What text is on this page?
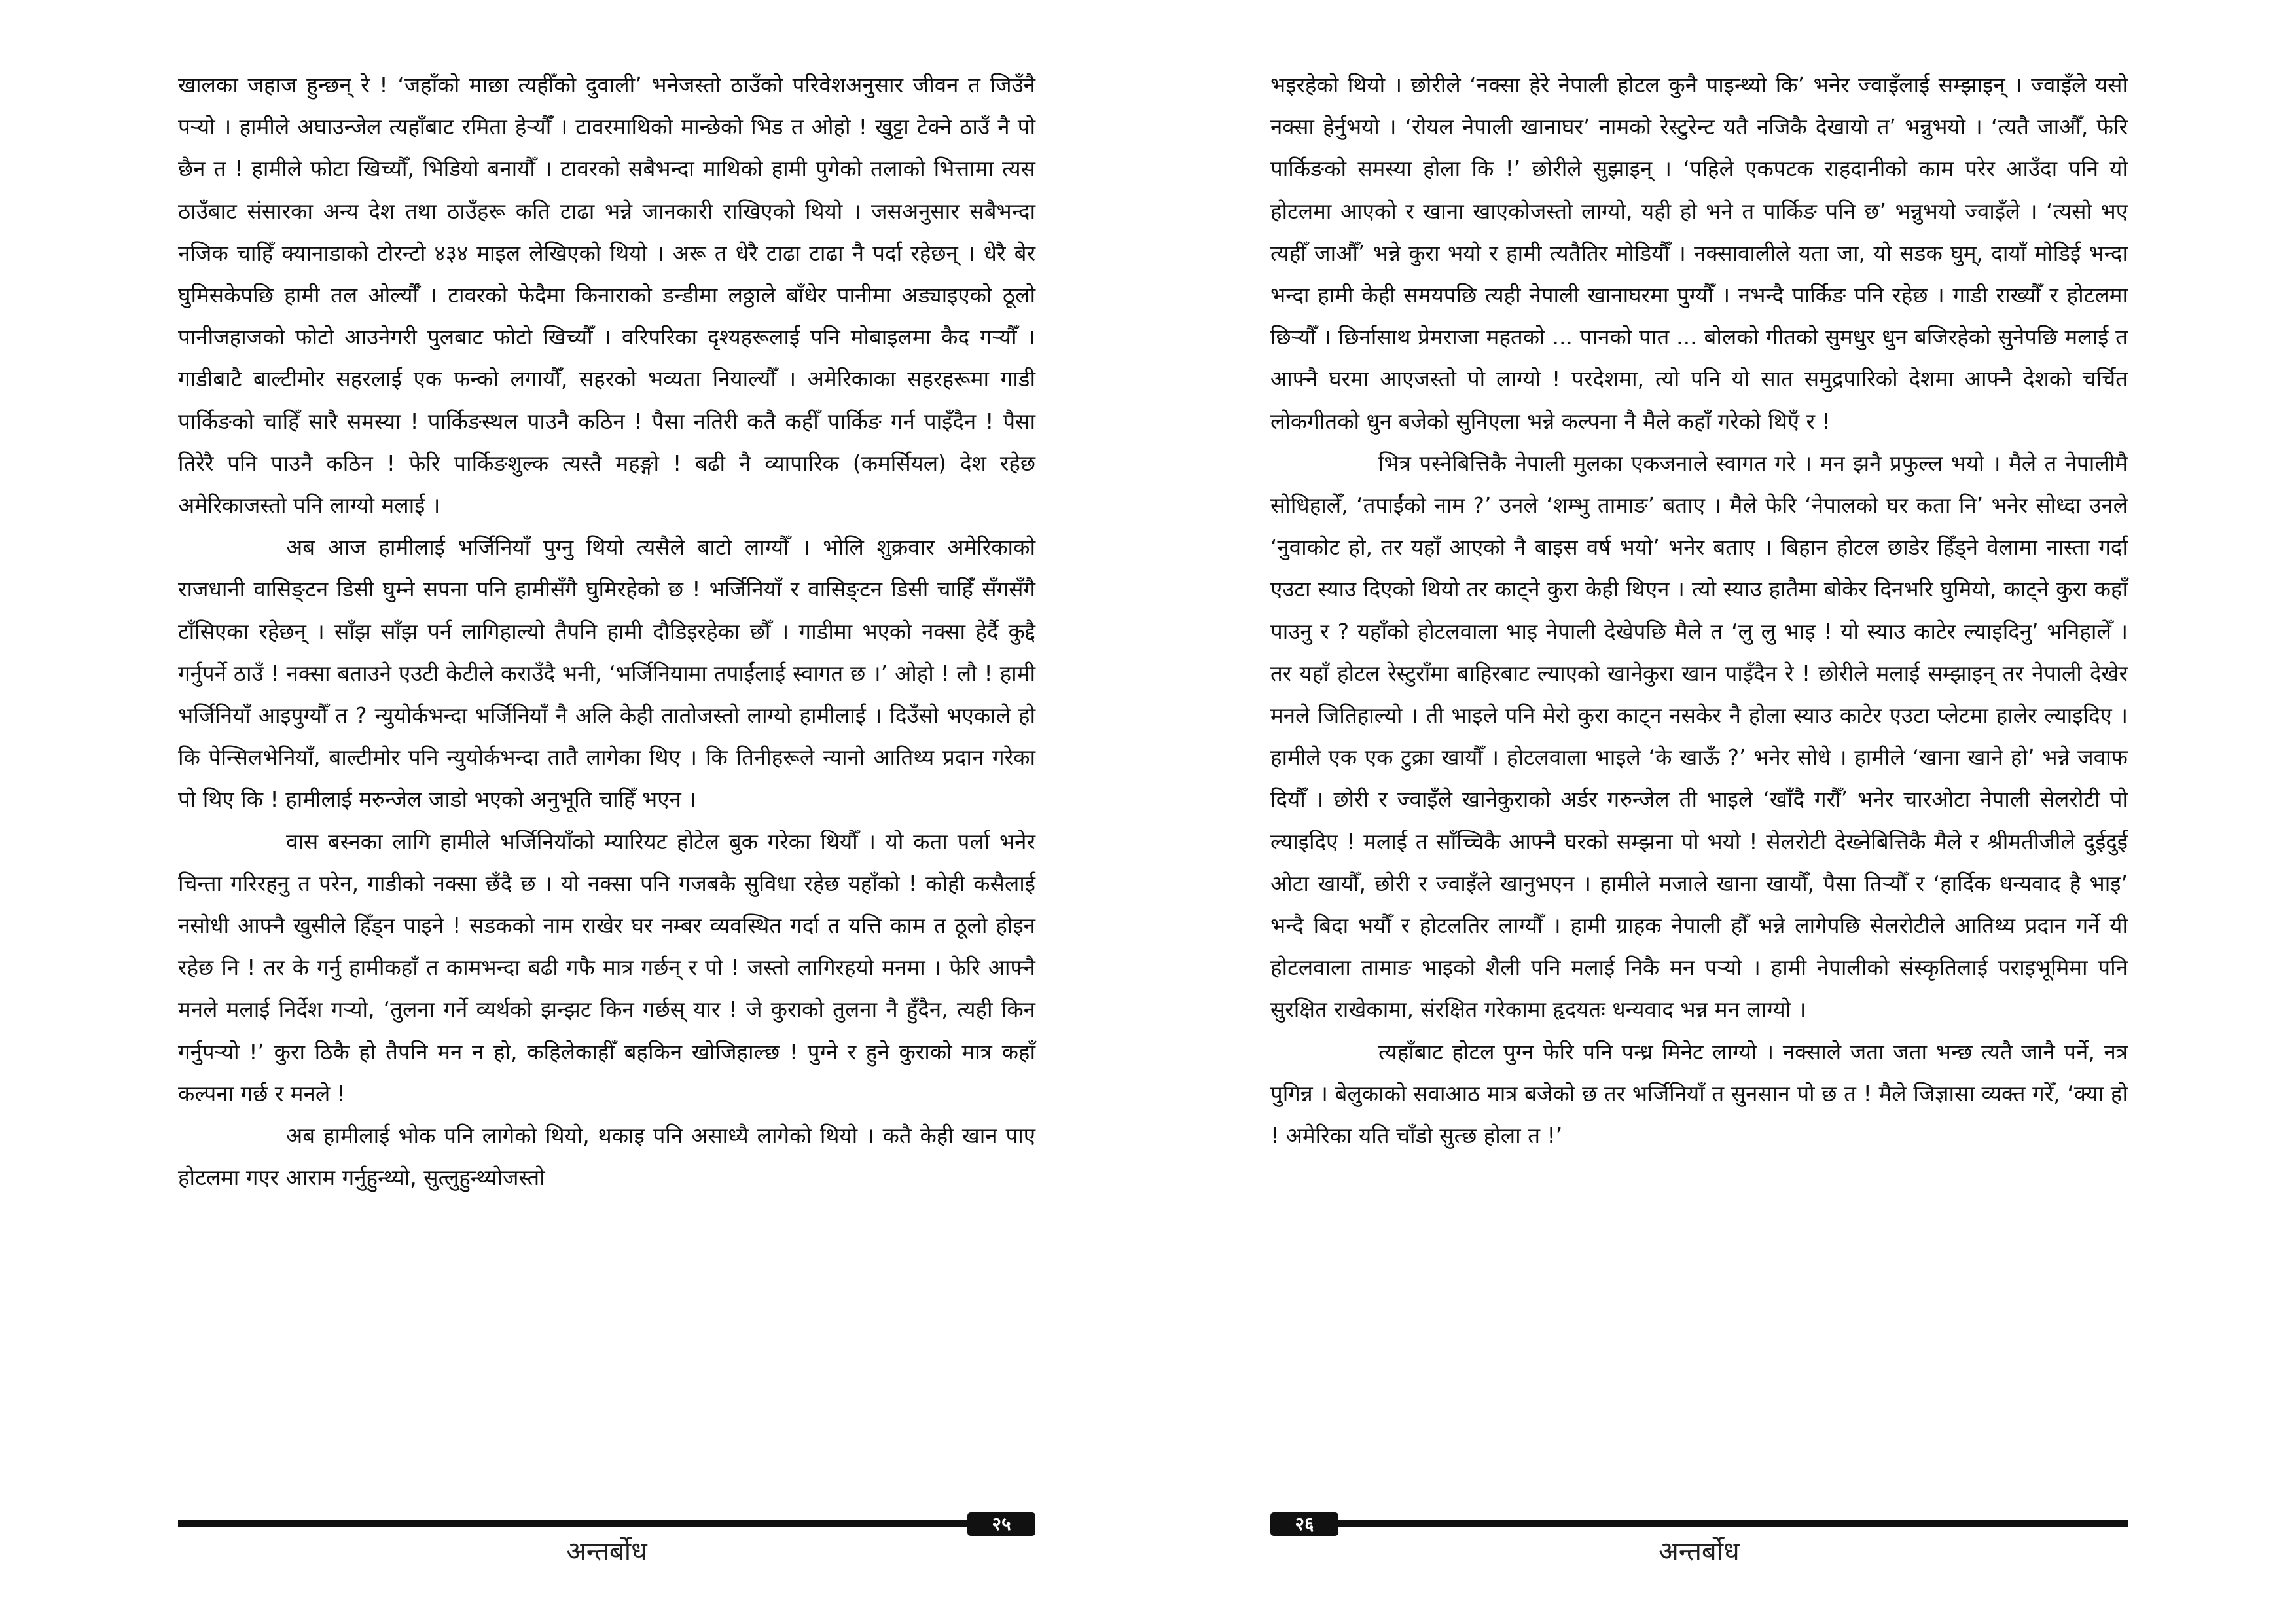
खालका जहाज हुन्छन् रे ! ‘जहाँको माछा त्यहीँको दुवाली’ भनेजस्तो ठाउँको परिवेशअनुसार जीवन त जिउँनै पऱ्यो । हामीले अघाउन्जेल त्यहाँबाट रमिता हेऱ्यौँ । टावरमाथिको मान्छेको भिड त ओहो ! खुट्टा टेक्ने ठाउँ नै पो छैन त ! हामीले फोटा खिच्यौँ, भिडियो बनायौँ । टावरको सबैभन्दा माथिको हामी पुगेको तलाको भित्तामा त्यस ठाउँबाट संसारका अन्य देश तथा ठाउँहरू कति टाढा भन्ने जानकारी राखिएको थियो । जसअनुसार सबैभन्दा नजिक चाहिँ क्यानाडाको टोरन्टो ४३४ माइल लेखिएको थियो । अरू त धेरै टाढा टाढा नै पर्दा रहेछन् । धेरै बेर घुमिसकेपछि हामी तल ओर्ल्यौँ । टावरको फेदैमा किनाराको डन्डीमा लठ्ठाले बाँधेर पानीमा अड्याइएको ठूलो पानीजहाजको फोटो आउनेगरी पुलबाट फोटो खिच्यौँ । वरिपरिका दृश्यहरूलाई पनि मोबाइलमा कैद गऱ्यौँ । गाडीबाटै बाल्टीमोर सहरलाई एक फन्को लगायौँ, सहरको भव्यता नियाल्यौँ । अमेरिकाका सहरहरूमा गाडी पार्किङको चाहिँ सारै समस्या ! पार्किङस्थल पाउनै कठिन ! पैसा नतिरी कतै कहीँ पार्किङ गर्न पाइँदैन ! पैसा तिरेरै पनि पाउनै कठिन ! फेरि पार्किङशुल्क त्यस्तै महङ्गो ! बढी नै व्यापारिक (कमर्सियल) देश रहेछ अमेरिकाजस्तो पनि लाग्यो मलाई ।

अब आज हामीलाई भर्जिनियाँ पुग्नु थियो त्यसैले बाटो लाग्यौँ । भोलि शुक्रवार अमेरिकाको राजधानी वासिङ्टन डिसी घुम्ने सपना पनि हामीसँगै घुमिरहेको छ ! भर्जिनियाँ र वासिङ्टन डिसी चाहिँ सँगसँगै टाँसिएका रहेछन् । साँझ साँझ पर्न लागिहाल्यो तैपनि हामी दौडिइरहेका छौँ । गाडीमा भएको नक्सा हेर्दै कुद्दै गर्नुपर्ने ठाउँ ! नक्सा बताउने एउटी केटीले कराउँदै भनी, ‘भर्जिनियामा तपाईंलाई स्वागत छ ।’ ओहो ! लौ ! हामी भर्जिनियाँ आइपुग्यौँ त ? न्युयोर्कभन्दा भर्जिनियाँ नै अलि केही तातोजस्तो लाग्यो हामीलाई । दिउँसो भएकाले हो कि पेन्सिलभेनियाँ, बाल्टीमोर पनि न्युयोर्कभन्दा तातै लागेका थिए । कि तिनीहरूले न्यानो आतिथ्य प्रदान गरेका पो थिए कि ! हामीलाई मरुन्जेल जाडो भएको अनुभूति चाहिँ भएन ।

वास बस्नका लागि हामीले भर्जिनियाँको म्यारियट होटेल बुक गरेका थियौँ । यो कता पर्ला भनेर चिन्ता गरिरहनु त परेन, गाडीको नक्सा छँदै छ । यो नक्सा पनि गजबकै सुविधा रहेछ यहाँको ! कोही कसैलाई नसोधी आफ्नै खुसीले हिँड्न पाइने ! सडकको नाम राखेर घर नम्बर व्यवस्थित गर्दा त यत्ति काम त ठूलो होइन रहेछ नि ! तर के गर्नु हामीकहाँ त कामभन्दा बढी गफै मात्र गर्छन् र पो ! जस्तो लागिरहयो मनमा । फेरि आफ्नै मनले मलाई निर्देश गऱ्यो, ‘तुलना गर्ने व्यर्थको झन्झट किन गर्छस् यार ! जे कुराको तुलना नै हुँदैन, त्यही किन गर्नुपऱ्यो !’ कुरा ठिकै हो तैपनि मन न हो, कहिलेकाहीँ बहकिन खोजिहाल्छ ! पुग्ने र हुने कुराको मात्र कहाँ कल्पना गर्छ र मनले !

अब हामीलाई भोक पनि लागेको थियो, थकाइ पनि असाध्यै लागेको थियो । कतै केही खान पाए होटलमा गएर आराम गर्नुहुन्थ्यो, सुत्लुहुन्थ्योजस्तो

२५
अन्तर्बोध

भइरहेको थियो । छोरीले ‘नक्सा हेरे नेपाली होटल कुनै पाइन्थ्यो कि’ भनेर ज्वाइँलाई सम्झाइन् । ज्वाइँले यसो नक्सा हेर्नुभयो । ‘रोयल नेपाली खानाघर’ नामको रेस्टुरेन्ट यतै नजिकै देखायो त’ भन्नुभयो । ‘त्यतै जाऔँ, फेरि पार्किङको समस्या होला कि !’ छोरीले सुझाइन् । ‘पहिले एकपटक राहदानीको काम परेर आउँदा पनि यो होटलमा आएको र खाना खाएकोजस्तो लाग्यो, यही हो भने त पार्किङ पनि छ’ भन्नुभयो ज्वाइँले । ‘त्यसो भए त्यहीँ जाऔँ’ भन्ने कुरा भयो र हामी त्यतैतिर मोडियौँ । नक्सावालीले यता जा, यो सडक घुम्, दायाँ मोडिई भन्दा भन्दा हामी केही समयपछि त्यही नेपाली खानाघरमा पुग्यौँ । नभन्दै पार्किङ पनि रहेछ । गाडी राख्यौँ र होटलमा छिर्‍यौँ । छिर्नासाथ प्रेमराजा महतको ... पानको पात ... बोलको गीतको सुमधुर धुन बजिरहेको सुनेपछि मलाई त आफ्नै घरमा आएजस्तो पो लाग्यो ! परदेशमा, त्यो पनि यो सात समुद्रपारिको देशमा आफ्नै देशको चर्चित लोकगीतको धुन बजेको सुनिएला भन्ने कल्पना नै मैले कहाँ गरेको थिएँ र !

भित्र पस्नेबित्तिकै नेपाली मुलका एकजनाले स्वागत गरे । मन झनै प्रफुल्ल भयो । मैले त नेपालीमै सोधिहालेँ, ‘तपाईंको नाम ?’ उनले ‘शम्भु तामाङ’ बताए । मैले फेरि ‘नेपालको घर कता नि’ भनेर सोध्दा उनले ‘नुवाकोट हो, तर यहाँ आएको नै बाइस वर्ष भयो’ भनेर बताए । बिहान होटल छाडेर हिँड्ने वेलामा नास्ता गर्दा एउटा स्याउ दिएको थियो तर काट्ने कुरा केही थिएन । त्यो स्याउ हातैमा बोकेर दिनभरि घुमियो, काट्ने कुरा कहाँ पाउनु र ? यहाँको होटलवाला भाइ नेपाली देखेपछि मैले त ‘लु लु भाइ ! यो स्याउ काटेर ल्याइदिनु’ भनिहालेँ । तर यहाँ होटल रेस्टुराँमा बाहिरबाट ल्याएको खानेकुरा खान पाइँदैन रे ! छोरीले मलाई सम्झाइन् तर नेपाली देखेर मनले जितिहाल्यो । ती भाइले पनि मेरो कुरा काट्न नसकेर नै होला स्याउ काटेर एउटा प्लेटमा हालेर ल्याइदिए । हामीले एक एक टुक्रा खायौँ । होटलवाला भाइले ‘के खाऊँ ?’ भनेर सोधे । हामीले ‘खाना खाने हो’ भन्ने जवाफ दियौँ । छोरी र ज्वाइँले खानेकुराको अर्डर गरुन्जेल ती भाइले ‘खाँदै गरौँ’ भनेर चारओटा नेपाली सेलरोटी पो ल्याइदिए ! मलाई त साँच्चिकै आफ्नै घरको सम्झना पो भयो ! सेलरोटी देख्नेबित्तिकै मैले र श्रीमतीजीले दुईदुई ओटा खायौँ, छोरी र ज्वाइँले खानुभएन । हामीले मजाले खाना खायौँ, पैसा तिर्‍यौँ र ‘हार्दिक धन्यवाद है भाइ’ भन्दै बिदा भयौँ र होटलतिर लाग्यौँ । हामी ग्राहक नेपाली हौँ भन्ने लागेपछि सेलरोटीले आतिथ्य प्रदान गर्ने यी होटलवाला तामाङ भाइको शैली पनि मलाई निकै मन पर्‍यो । हामी नेपालीको संस्कृतिलाई पराइभूमिमा पनि सुरक्षित राखेकामा, संरक्षित गरेकामा हृदयतः धन्यवाद भन्न मन लाग्यो ।

त्यहाँबाट होटल पुग्न फेरि पनि पन्ध्र मिनेट लाग्यो । नक्साले जता जता भन्छ त्यतै जानै पर्ने, नत्र पुगिन्न । बेलुकाको सवाआठ मात्र बजेको छ तर भर्जिनियाँ त सुनसान पो छ त ! मैले जिज्ञासा व्यक्त गरेँ, ‘क्या हो ! अमेरिका यति चाँडो सुत्छ होला त !’

२६
अन्तर्बोध
